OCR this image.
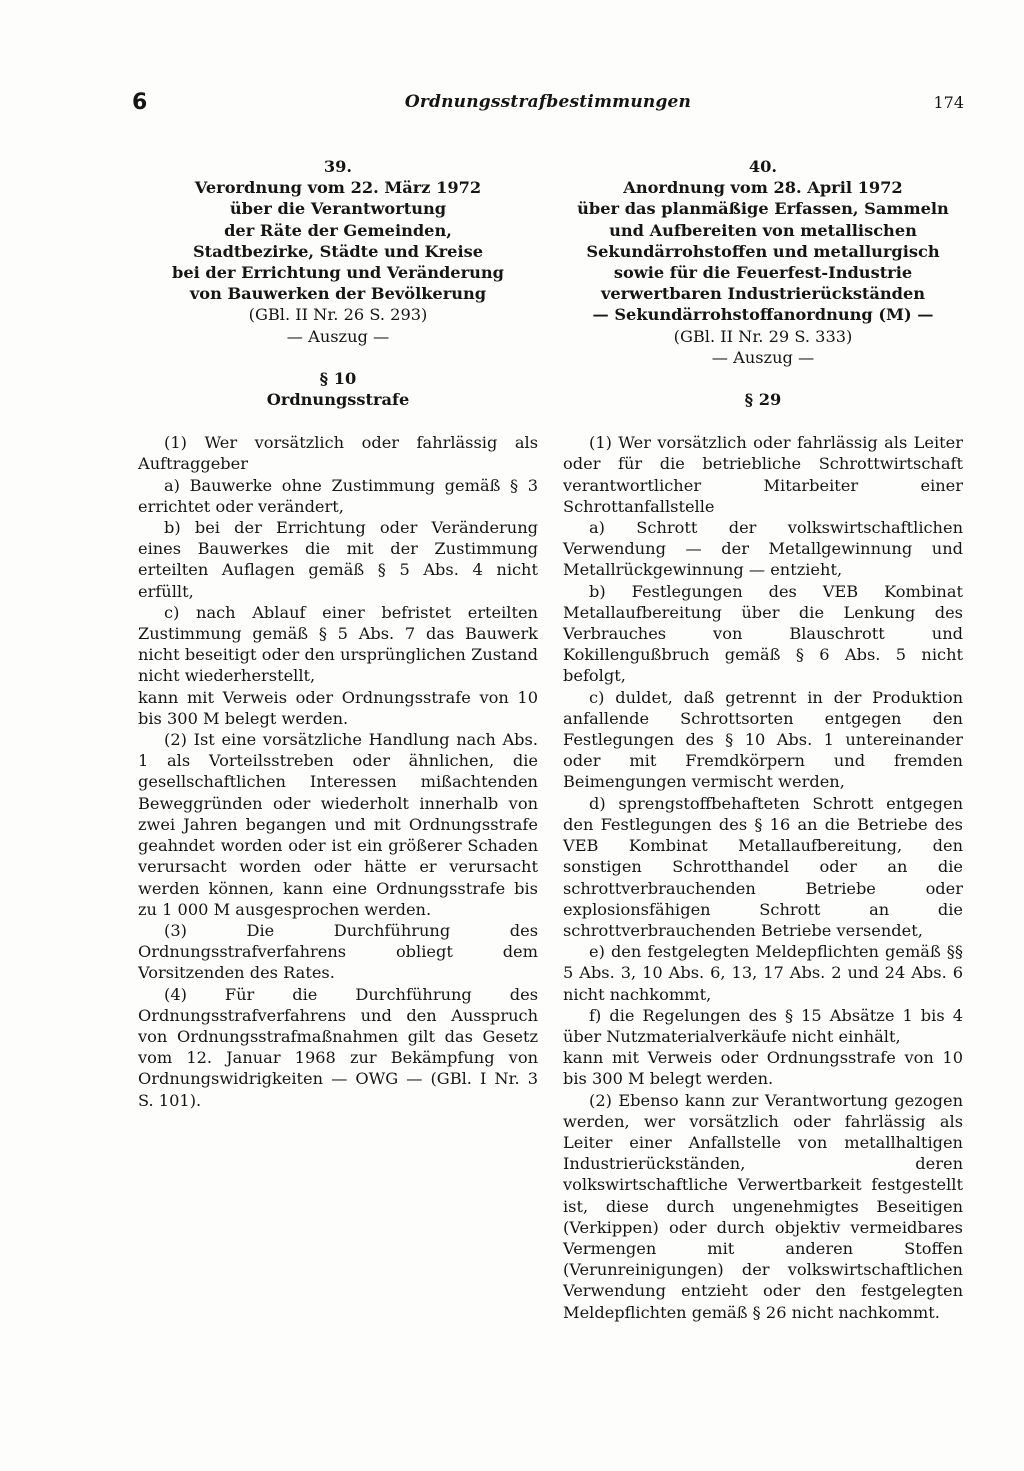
6	Ordnungsstrafbestimmungen	174
39.
Verordnung vom 22. März 1972
über die Verantwortung
der Räte der Gemeinden,
Stadtbezirke, Städte und Kreise
bei der Errichtung und Veränderung
von Bauwerken der Bevölkerung
(GBl. II Nr. 26 S. 293)
— Auszug —
§ 10
Ordnungsstrafe
(1) Wer vorsätzlich oder fahrlässig als Auftraggeber
a) Bauwerke ohne Zustimmung gemäß § 3 errichtet oder verändert,
b) bei der Errichtung oder Veränderung eines Bauwerkes die mit der Zustimmung erteilten Auflagen gemäß § 5 Abs. 4 nicht erfüllt,
c) nach Ablauf einer befristet erteilten Zustimmung gemäß § 5 Abs. 7 das Bauwerk nicht beseitigt oder den ursprünglichen Zustand nicht wiederherstellt,
kann mit Verweis oder Ordnungsstrafe von 10 bis 300 M belegt werden.
(2) Ist eine vorsätzliche Handlung nach Abs. 1 als Vorteilsstreben oder ähnlichen, die gesellschaftlichen Interessen mißachtenden Beweggründen oder wiederholt innerhalb von zwei Jahren begangen und mit Ordnungsstrafe geahndet worden oder ist ein größerer Schaden verursacht worden oder hätte er verursacht werden können, kann eine Ordnungsstrafe bis zu 1 000 M ausgesprochen werden.
(3) Die Durchführung des Ordnungsstrafverfahrens obliegt dem Vorsitzenden des Rates.
(4) Für die Durchführung des Ordnungsstrafverfahrens und den Ausspruch von Ordnungsstrafmaßnahmen gilt das Gesetz vom 12. Januar 1968 zur Bekämpfung von Ordnungswidrigkeiten — OWG — (GBl. I Nr. 3 S. 101).
40.
Anordnung vom 28. April 1972
über das planmäßige Erfassen, Sammeln
und Aufbereiten von metallischen
Sekundärrohstoffen und metallurgisch
sowie für die Feuerfest-Industrie
verwertbaren Industrierückständen
— Sekundärrohstoffanordnung (M) —
(GBl. II Nr. 29 S. 333)
— Auszug —
§ 29
(1) Wer vorsätzlich oder fahrlässig als Leiter oder für die betriebliche Schrottwirtschaft verantwortlicher Mitarbeiter einer Schrottanfallstelle
a) Schrott der volkswirtschaftlichen Verwendung — der Metallgewinnung und Metallrückgewinnung — entzieht,
b) Festlegungen des VEB Kombinat Metallaufbereitung über die Lenkung des Verbrauches von Blauschrott und Kokillengußbruch gemäß § 6 Abs. 5 nicht befolgt,
c) duldet, daß getrennt in der Produktion anfallende Schrottsorten entgegen den Festlegungen des § 10 Abs. 1 untereinander oder mit Fremdkörpern und fremden Beimengungen vermischt werden,
d) sprengstoffbehafteten Schrott entgegen den Festlegungen des § 16 an die Betriebe des VEB Kombinat Metallaufbereitung, den sonstigen Schrotthandel oder an die schrottverbrauchenden Betriebe oder explosionsfähigen Schrott an die schrottverbrauchenden Betriebe versendet,
e) den festgelegten Meldepflichten gemäß §§ 5 Abs. 3, 10 Abs. 6, 13, 17 Abs. 2 und 24 Abs. 6 nicht nachkommt,
f) die Regelungen des § 15 Absätze 1 bis 4 über Nutzmaterialverkäufe nicht einhält,
kann mit Verweis oder Ordnungsstrafe von 10 bis 300 M belegt werden.
(2) Ebenso kann zur Verantwortung gezogen werden, wer vorsätzlich oder fahrlässig als Leiter einer Anfallstelle von metallhaltigen Industrierückständen, deren volkswirtschaftliche Verwertbarkeit festgestellt ist, diese durch ungenehmigtes Beseitigen (Verkippen) oder durch objektiv vermeidbares Vermengen mit anderen Stoffen (Verunreinigungen) der volkswirtschaftlichen Verwendung entzieht oder den festgelegten Meldepflichten gemäß § 26 nicht nachkommt.
